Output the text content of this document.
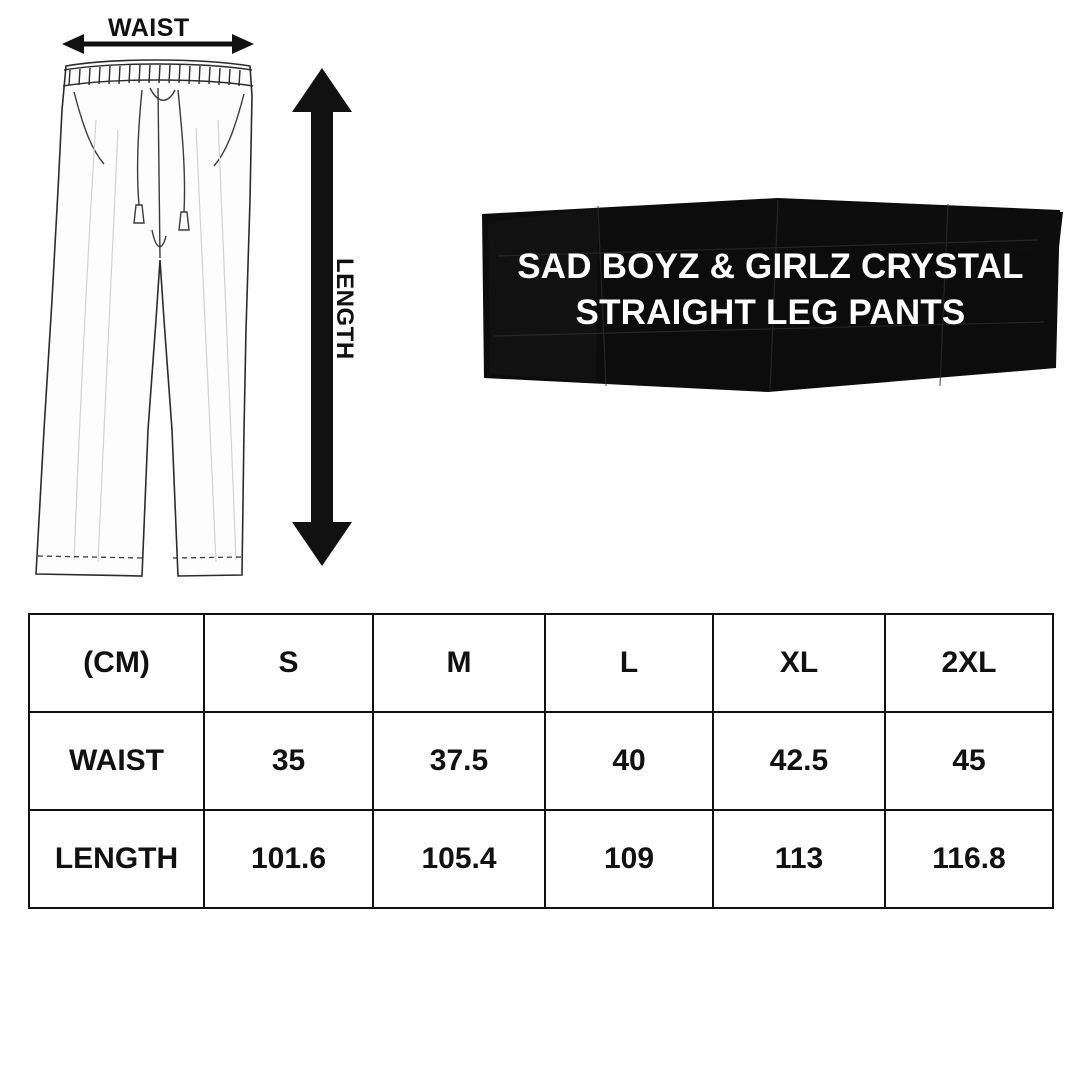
WAIST
LENGTH	SAD BOYZ & GIRLZ CRYSTAL STRAIGHT LEG PANTS
(CM)	S	M	L	XL	2XL
WAIST	35	37.5	40	42.5	45
LENGTH	101.6	105.4	109	113	116.8
